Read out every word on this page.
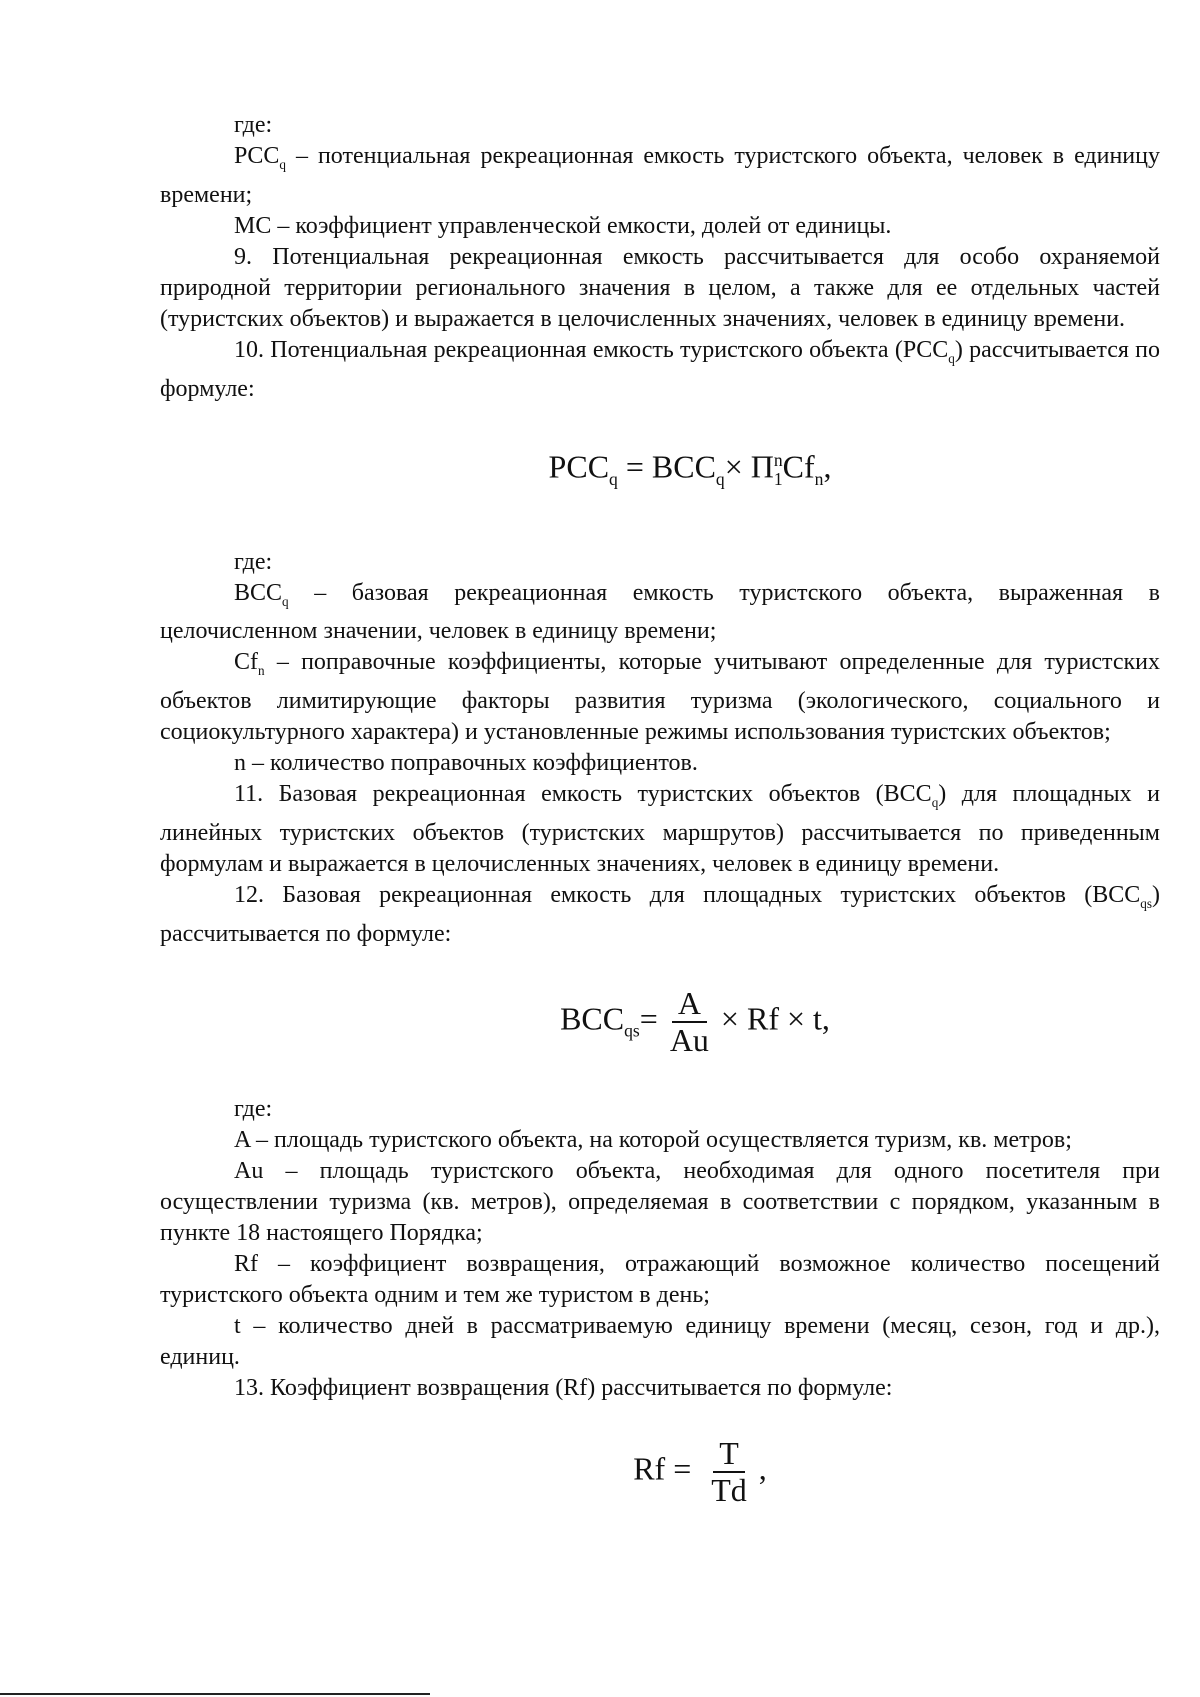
где:

$PCC_q$ – потенциальная рекреационная емкость туристского объекта, человек в единицу времени;

MC – коэффициент управленческой емкости, долей от единицы.

9. Потенциальная рекреационная емкость рассчитывается для особо охраняемой природной территории регионального значения в целом, а также для ее отдельных частей (туристских объектов) и выражается в целочисленных значениях, человек в единицу времени.

10. Потенциальная рекреационная емкость туристского объекта $(PCC_q)$ рассчитывается по формуле:

$PCC_q = BCC_q\times \Pi^n_1Cf_n$,

где:

$BCC_q$ – базовая рекреационная емкость туристского объекта, выраженная в целочисленном значении, человек в единицу времени;

$Cf_n$ – поправочные коэффициенты, которые учитывают определенные для туристских объектов лимитирующие факторы развития туризма (экологического, социального и социокультурного характера) и установленные режимы использования туристских объектов;

n – количество поправочных коэффициентов.

11. Базовая рекреационная емкость туристских объектов $(BCC_q)$ для площадных и линейных туристских объектов (туристских маршрутов) рассчитывается по приведенным формулам и выражается в целочисленных значениях, человек в единицу времени.

12. Базовая рекреационная емкость для площадных туристских объектов $(BCC_{qs})$ рассчитывается по формуле:

$BCC_{qs}= \frac{A}{Au} \times Rf \times t$,

где:

A – площадь туристского объекта, на которой осуществляется туризм, кв. метров;

Au – площадь туристского объекта, необходимая для одного посетителя при осуществлении туризма (кв. метров), определяемая в соответствии с порядком, указанным в пункте 18 настоящего Порядка;

Rf – коэффициент возвращения, отражающий возможное количество посещений туристского объекта одним и тем же туристом в день;

t – количество дней в рассматриваемую единицу времени (месяц, сезон, год и др.), единиц.

13. Коэффициент возвращения (Rf) рассчитывается по формуле:

$Rf = \frac{T}{Td}$ ,
